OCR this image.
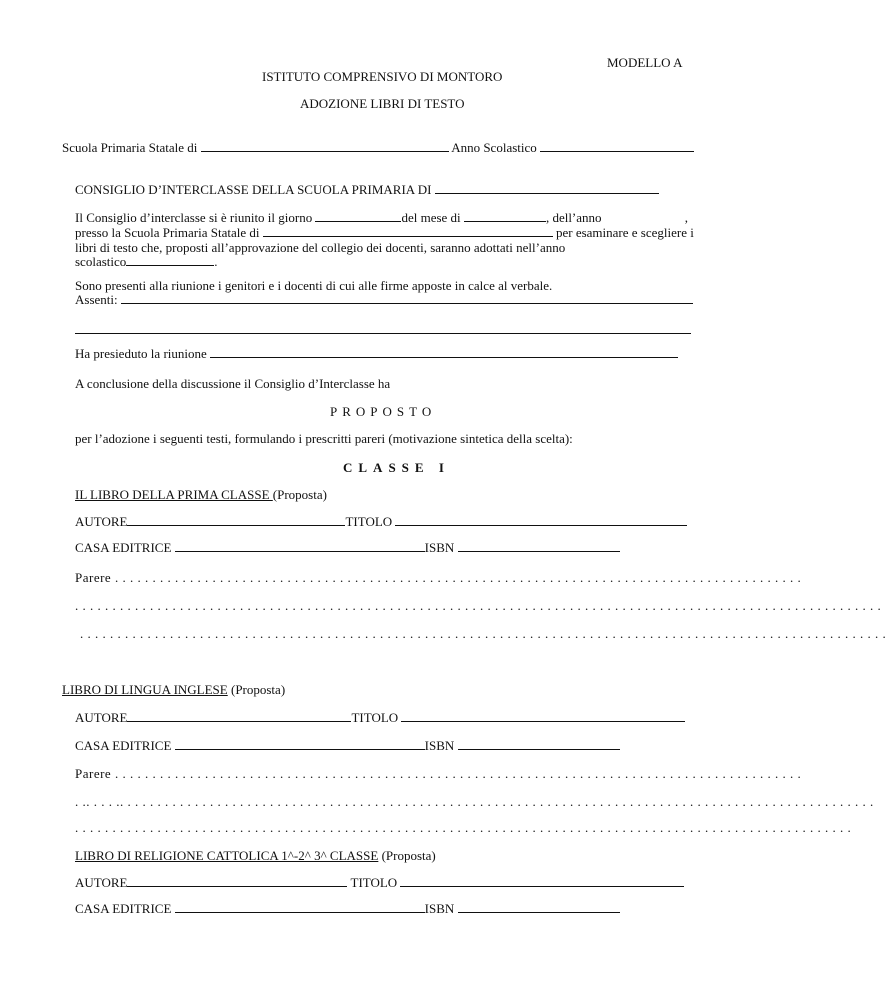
MODELLO A
ISTITUTO COMPRENSIVO DI MONTORO
ADOZIONE LIBRI DI TESTO
Scuola Primaria Statale di	Anno Scolastico
CONSIGLIO D’INTERCLASSE DELLA SCUOLA PRIMARIA DI
Il Consiglio d’interclasse si è riunito il giorno	del mese di	, dell’anno	,
presso la Scuola Primaria Statale di	per esaminare e scegliere i
libri di testo che, proposti all’approvazione del collegio dei docenti, saranno adottati nell’anno
scolastico	.
Sono presenti alla riunione i genitori e i docenti di cui alle firme apposte in calce al verbale.
Assenti:
Ha presieduto la riunione
A conclusione della discussione il Consiglio d’Interclasse ha
PROPOSTO
per l’adozione i seguenti testi, formulando i prescritti pareri (motivazione sintetica della scelta):
CLASSE I
IL LIBRO DELLA PRIMA CLASSE (Proposta)
AUTORE	TITOLO
CASA EDITRICE	ISBN
Parere . . . . . . . . . . . . . . . . . . . . . . . . . . . . . . . . . . . . . . . . . . . . . . . . . . . . . . . . . . . . . . . . . . . . . . . . . . . . . . . . . . . . . . . . . . . .
. . . . . . . . . . . . . . . . . . . . . . . . . . . . . . . . . . . . . . . . . . . . . . . . . . . . . . . . . . . . . . . . . . . . . . . . . . . . . . . . . . . . . . . . . . . . . . . . . . . . . . . . . . . .
. . . . . . . . . . . . . . . . . . . . . . . . . . . . . . . . . . . . . . . . . . . . . . . . . . . . . . . . . . . . . . . . . . . . . . . . . . . . . . . . . . . . . . . . . . . . . . . . . . . . . . . . . . . .
LIBRO DI LINGUA INGLESE (Proposta)
AUTORE	TITOLO
CASA EDITRICE	ISBN
Parere . . . . . . . . . . . . . . . . . . . . . . . . . . . . . . . . . . . . . . . . . . . . . . . . . . . . . . . . . . . . . . . . . . . . . . . . . . . . . . . . . . . . . . . . . . . .
. .. . . . .. . . . . . . . . . . . . . . . . . . . . . . . . . . . . . . . . . . . . . . . . . . . . . . . . . . . . . . . . . . . . . . . . . . . . . . . . . . . . . . . . . . . . . . . . . . . . . . . . . . . .
. . . . . . . . . . . . . . . . . . . . . . . . . . . . . . . . . . . . . . . . . . . . . . . . . . . . . . . . . . . . . . . . . . . . . . . . . . . . . . . . . . . . . . . . . . . . . . . . . . . . . . . .
LIBRO DI RELIGIONE CATTOLICA 1^-2^ 3^ CLASSE (Proposta)
AUTORE	TITOLO
CASA EDITRICE	ISBN
